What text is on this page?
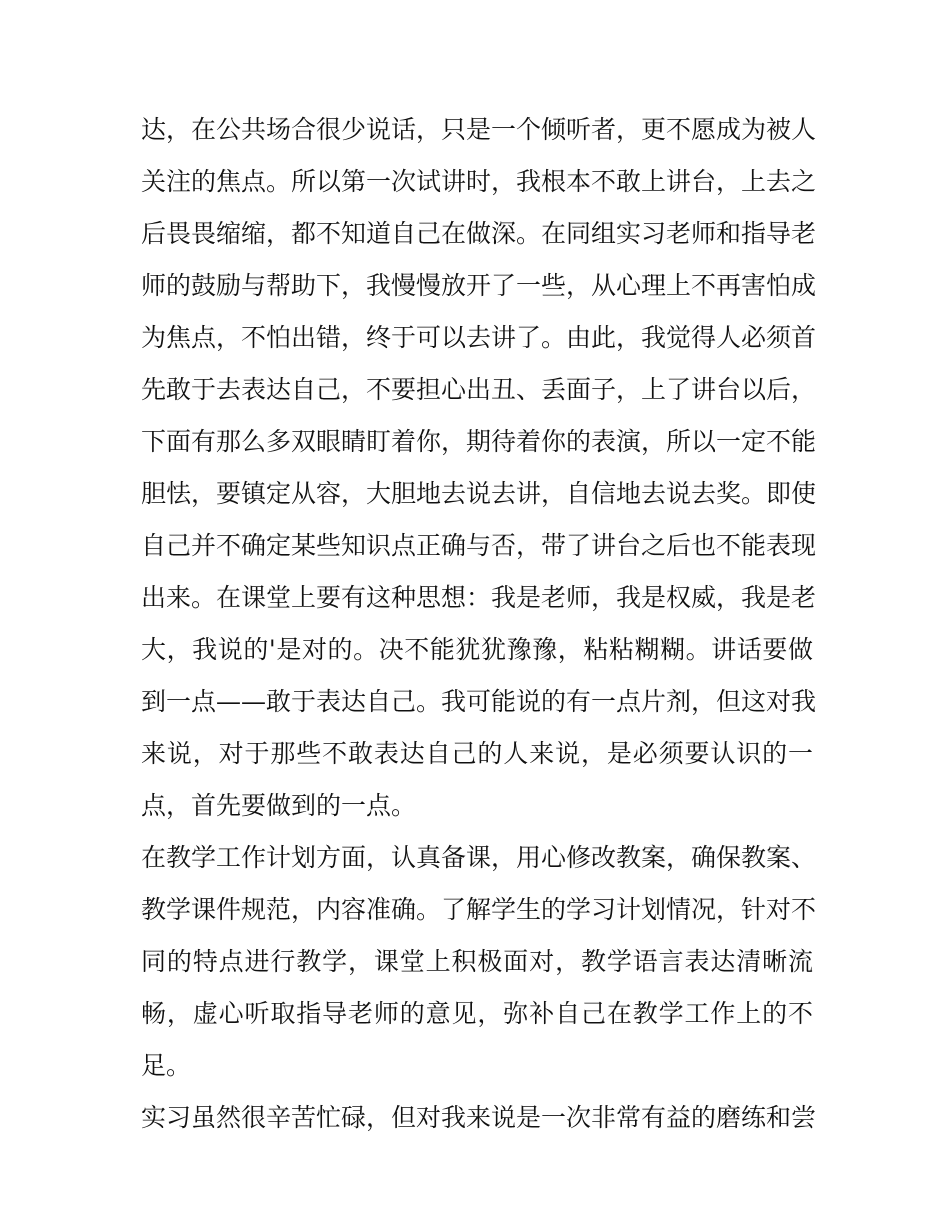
达，在公共场合很少说话，只是一个倾听者，更不愿成为被人
关注的焦点。所以第一次试讲时，我根本不敢上讲台，上去之
后畏畏缩缩，都不知道自己在做深。在同组实习老师和指导老
师的鼓励与帮助下，我慢慢放开了一些，从心理上不再害怕成
为焦点，不怕出错，终于可以去讲了。由此，我觉得人必须首
先敢于去表达自己，不要担心出丑、丢面子，上了讲台以后，
下面有那么多双眼睛盯着你，期待着你的表演，所以一定不能
胆怯，要镇定从容，大胆地去说去讲，自信地去说去奖。即使
自己并不确定某些知识点正确与否，带了讲台之后也不能表现
出来。在课堂上要有这种思想：我是老师，我是权威，我是老
大，我说的'是对的。决不能犹犹豫豫，粘粘糊糊。讲话要做
到一点——敢于表达自己。我可能说的有一点片剂，但这对我
来说，对于那些不敢表达自己的人来说，是必须要认识的一
点，首先要做到的一点。
在教学工作计划方面，认真备课，用心修改教案，确保教案、
教学课件规范，内容准确。了解学生的学习计划情况，针对不
同的特点进行教学，课堂上积极面对，教学语言表达清晰流
畅，虚心听取指导老师的意见，弥补自己在教学工作上的不
足。
实习虽然很辛苦忙碌，但对我来说是一次非常有益的磨练和尝
